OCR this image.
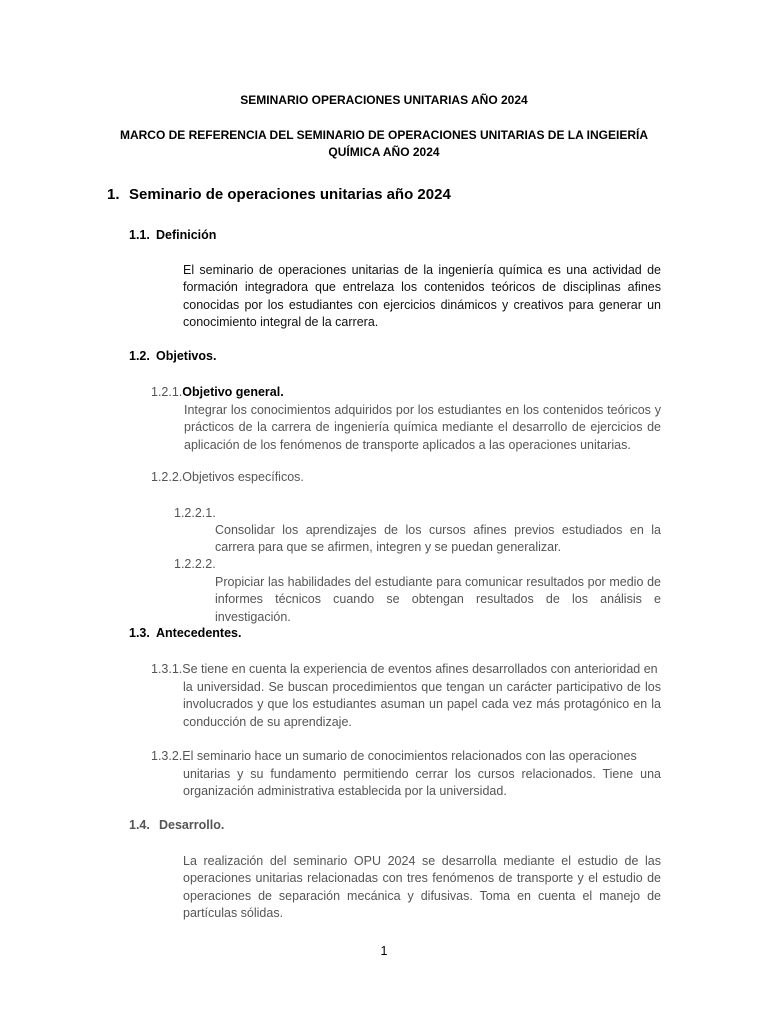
SEMINARIO OPERACIONES UNITARIAS AÑO 2024
MARCO DE REFERENCIA DEL SEMINARIO DE OPERACIONES UNITARIAS DE LA INGEIERÍA
QUÍMICA AÑO 2024
1. Seminario de operaciones unitarias año 2024
1.1. Definición
El seminario de operaciones unitarias de la ingeniería química es una actividad de formación integradora que entrelaza los contenidos teóricos de disciplinas afines conocidas por los estudiantes con ejercicios dinámicos y creativos para generar un conocimiento integral de la carrera.
1.2. Objetivos.
1.2.1.Objetivo general.
Integrar los conocimientos adquiridos por los estudiantes en los contenidos teóricos y prácticos de la carrera de ingeniería química mediante el desarrollo de ejercicios de aplicación de los fenómenos de transporte aplicados a las operaciones unitarias.
1.2.2.Objetivos específicos.
1.2.2.1.
Consolidar los aprendizajes de los cursos afines previos estudiados en la carrera para que se afirmen, integren y se puedan generalizar.
1.2.2.2.
Propiciar las habilidades del estudiante para comunicar resultados por medio de informes técnicos cuando se obtengan resultados de los análisis e investigación.
1.3. Antecedentes.
1.3.1.Se tiene en cuenta la experiencia de eventos afines desarrollados con anterioridad en
la universidad. Se buscan procedimientos que tengan un carácter participativo de los involucrados y que los estudiantes asuman un papel cada vez más protagónico en la conducción de su aprendizaje.
1.3.2.El seminario hace un sumario de conocimientos relacionados con las operaciones
unitarias y su fundamento permitiendo cerrar los cursos relacionados. Tiene una organización administrativa establecida por la universidad.
1.4. Desarrollo.
La realización del seminario OPU 2024 se desarrolla mediante el estudio de las operaciones unitarias relacionadas con tres fenómenos de transporte y el estudio de operaciones de separación mecánica y difusivas. Toma en cuenta el manejo de partículas sólidas.
1
